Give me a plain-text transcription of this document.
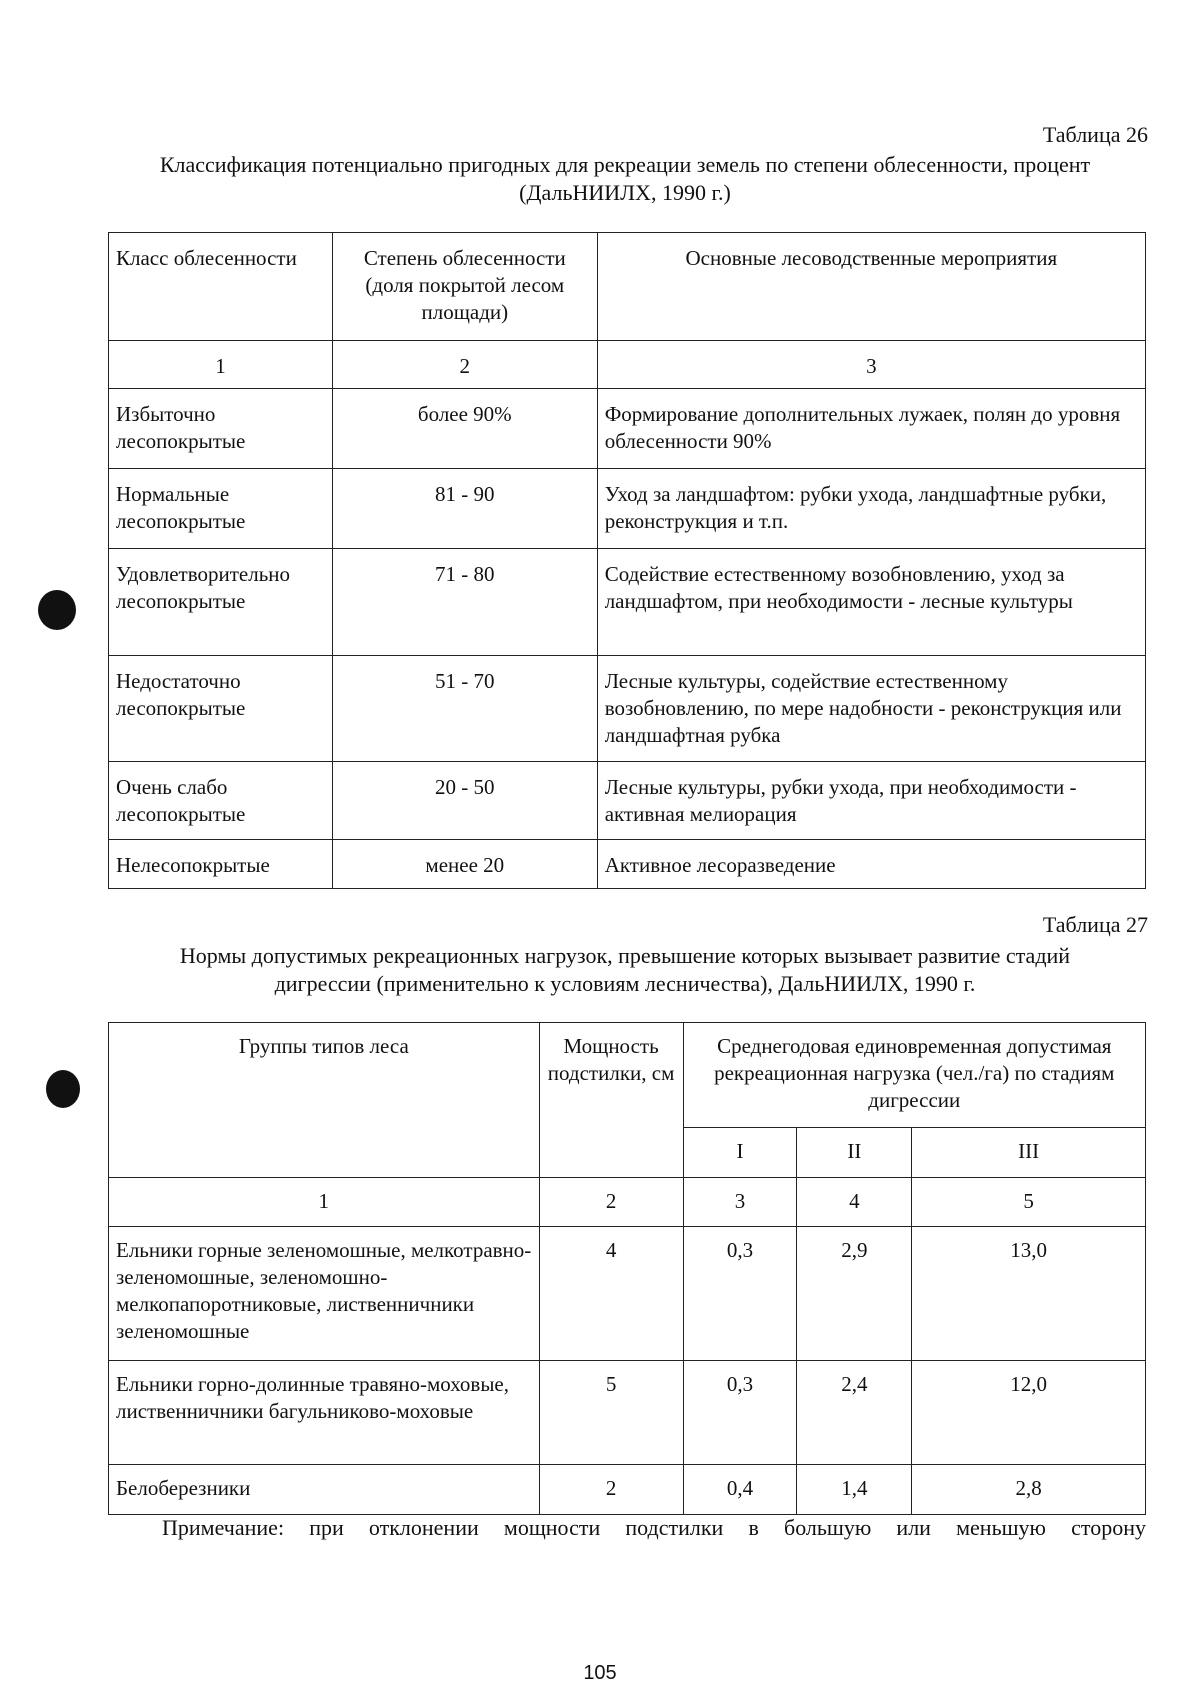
Таблица 26
Классификация потенциально пригодных для рекреации земель по степени облесенности, процент
(ДальНИИЛХ, 1990 г.)
Класс облесенности	Степень облесенности (доля покрытой лесом площади)	Основные лесоводственные мероприятия
1	2	3
Избыточно лесопокрытые	более 90%	Формирование дополнительных лужаек, полян до уровня облесенности 90%
Нормальные лесопокрытые	81 - 90	Уход за ландшафтом: рубки ухода, ландшафтные рубки, реконструкция и т.п.
Удовлетворительно лесопокрытые	71 - 80	Содействие естественному возобновлению, уход за ландшафтом, при необходимости - лесные культуры
Недостаточно лесопокрытые	51 - 70	Лесные культуры, содействие естественному возобновлению, по мере надобности - реконструкция или ландшафтная рубка
Очень слабо лесопокрытые	20 - 50	Лесные культуры, рубки ухода, при необходимости - активная мелиорация
Нелесопокрытые	менее 20	Активное лесоразведение
Таблица 27
Нормы допустимых рекреационных нагрузок, превышение которых вызывает развитие стадий
дигрессии (применительно к условиям лесничества), ДальНИИЛХ, 1990 г.
Группы типов леса	Мощность подстилки, см	Среднегодовая единовременная допустимая рекреационная нагрузка (чел./га) по стадиям дигрессии		
		I	II	III
1	2	3	4	5
Ельники горные зеленомошные, мелкотравно-зеленомошные, зеленомошно-мелкопапоротниковые, лиственничники зеленомошные	4	0,3	2,9	13,0
Ельники горно-долинные травяно-моховые, лиственничники багульниково-моховые	5	0,3	2,4	12,0
Белоберезники	2	0,4	1,4	2,8
Примечание: при отклонении мощности подстилки в большую или меньшую сторону
105
